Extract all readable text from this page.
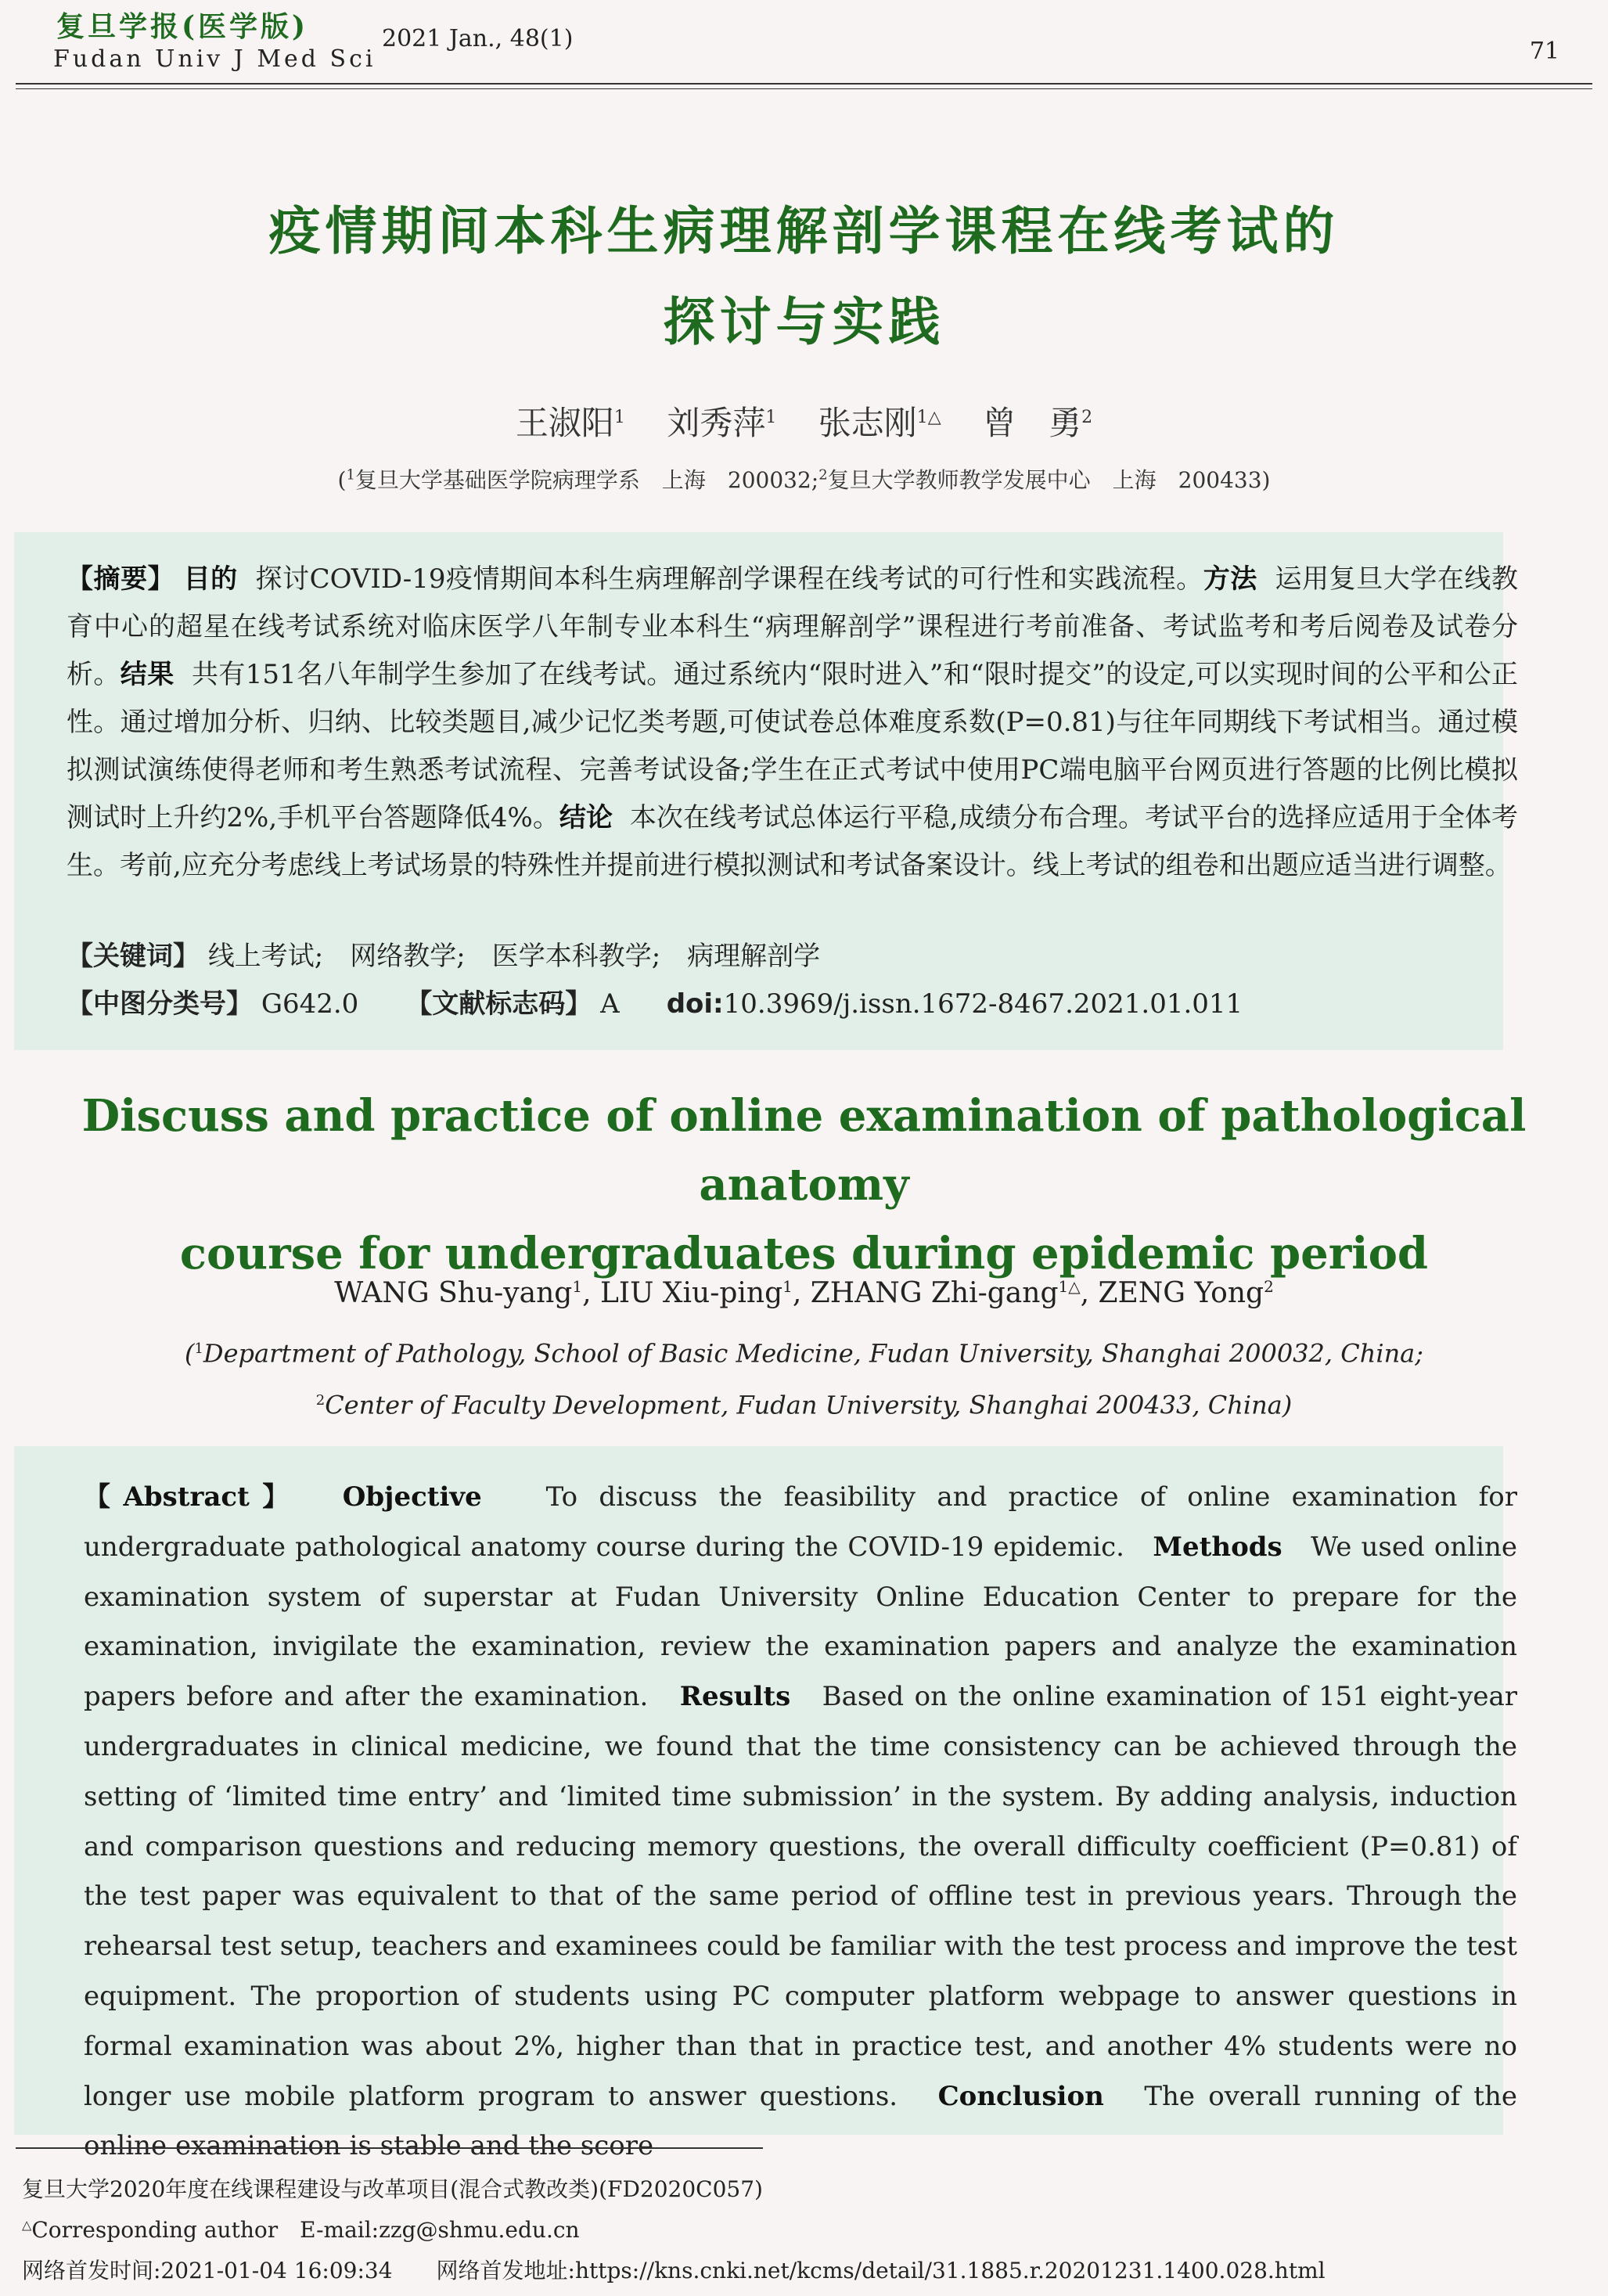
复旦学报(医学版)
Fudan Univ J Med Sci
2021 Jan., 48(1)	71
疫情期间本科生病理解剖学课程在线考试的
探讨与实践
王淑阳$^1$ 刘秀萍$^1$ 张志刚$^{1\triangle}$ 曾　勇$^2$
($^1$复旦大学基础医学院病理学系　上海　200032;$^2$复旦大学教师教学发展中心　上海　200433)
【摘要】 目的 探讨COVID-19疫情期间本科生病理解剖学课程在线考试的可行性和实践流程。方法 运用复旦大学在线教育中心的超星在线考试系统对临床医学八年制专业本科生“病理解剖学”课程进行考前准备、考试监考和考后阅卷及试卷分析。结果 共有151名八年制学生参加了在线考试。通过系统内“限时进入”和“限时提交”的设定,可以实现时间的公平和公正性。通过增加分析、归纳、比较类题目,减少记忆类考题,可使试卷总体难度系数(P=0.81)与往年同期线下考试相当。通过模拟测试演练使得老师和考生熟悉考试流程、完善考试设备;学生在正式考试中使用PC端电脑平台网页进行答题的比例比模拟测试时上升约2%,手机平台答题降低4%。结论 本次在线考试总体运行平稳,成绩分布合理。考试平台的选择应适用于全体考生。考前,应充分考虑线上考试场景的特殊性并提前进行模拟测试和考试备案设计。线上考试的组卷和出题应适当进行调整。
【关键词】 线上考试;　网络教学;　医学本科教学;　病理解剖学
【中图分类号】 G642.0 【文献标志码】 A doi:10.3969/j.issn.1672-8467.2021.01.011
Discuss and practice of online examination of pathological anatomy
course for undergraduates during epidemic period
WANG Shu-yang$^1$, LIU Xiu-ping$^1$, ZHANG Zhi-gang$^{1\triangle}$, ZENG Yong$^2$
($^1$Department of Pathology, School of Basic Medicine, Fudan University, Shanghai 200032, China;
$^2$Center of Faculty Development, Fudan University, Shanghai 200433, China)
【Abstract】 Objective To discuss the feasibility and practice of online examination for undergraduate pathological anatomy course during the COVID-19 epidemic. Methods We used online examination system of superstar at Fudan University Online Education Center to prepare for the examination, invigilate the examination, review the examination papers and analyze the examination papers before and after the examination. Results Based on the online examination of 151 eight-year undergraduates in clinical medicine, we found that the time consistency can be achieved through the setting of ‘limited time entry’ and ‘limited time submission’ in the system. By adding analysis, induction and comparison questions and reducing memory questions, the overall difficulty coefficient (P=0.81) of the test paper was equivalent to that of the same period of offline test in previous years. Through the rehearsal test setup, teachers and examinees could be familiar with the test process and improve the test equipment. The proportion of students using PC computer platform webpage to answer questions in formal examination was about 2%, higher than that in practice test, and another 4% students were no longer use mobile platform program to answer questions. Conclusion The overall running of the online examination is stable and the score
复旦大学2020年度在线课程建设与改革项目(混合式教改类)(FD2020C057)
△Corresponding author　E-mail:zzg@shmu.edu.cn
网络首发时间:2021-01-04 16:09:34　　网络首发地址:https://kns.cnki.net/kcms/detail/31.1885.r.20201231.1400.028.html
